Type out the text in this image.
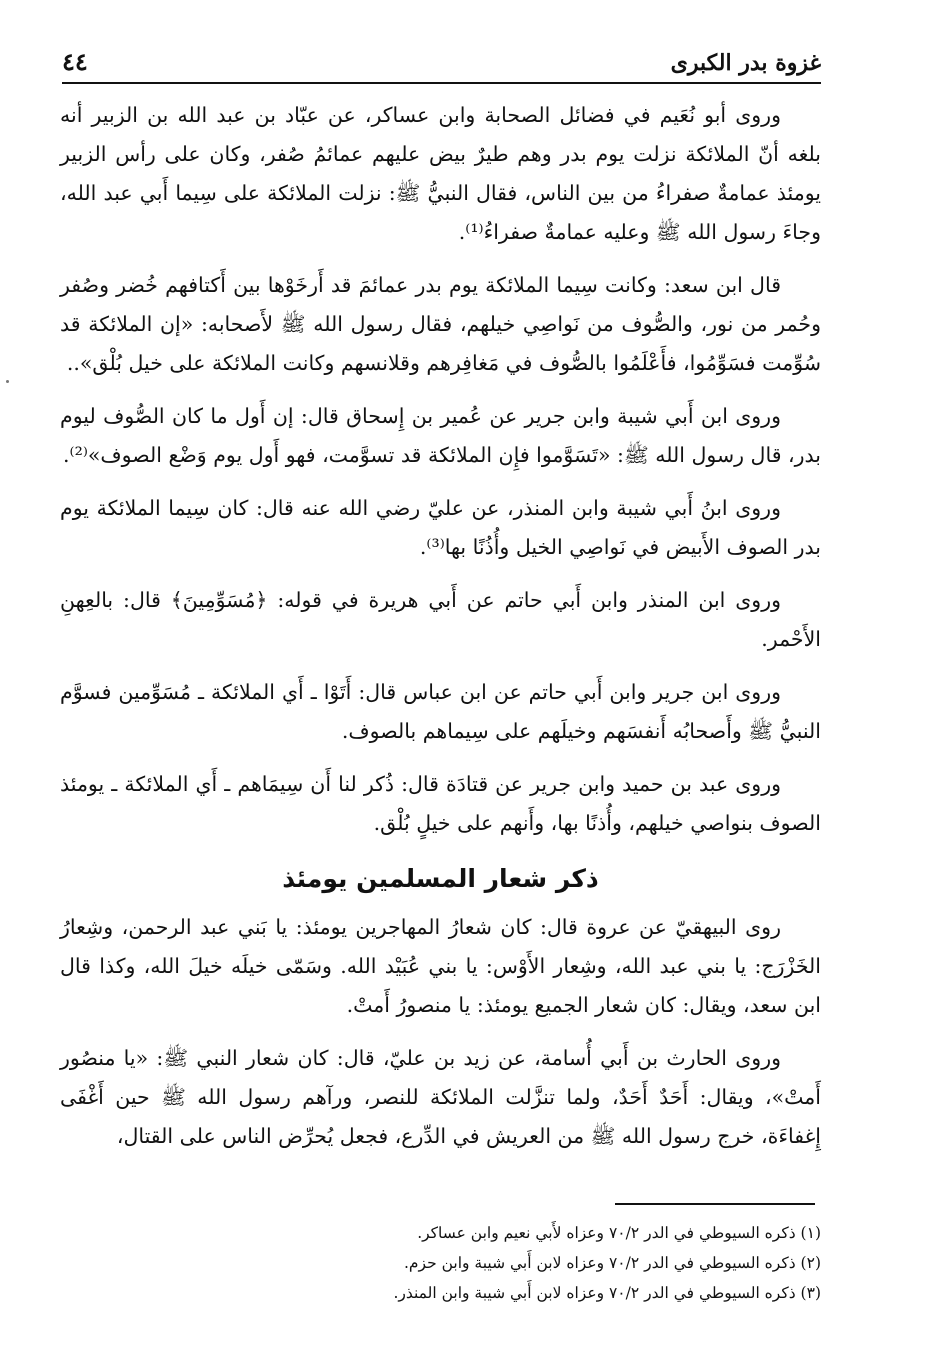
غزوة بدر الكبرى
٤٤

وروى أبو نُعَيم في فضائل الصحابة وابن عساكر، عن عبّاد بن عبد الله بن الزبير أنه بلغه أنّ الملائكة نزلت يوم بدر وهم طيرٌ بيض عليهم عمائمُ صُفر، وكان على رأس الزبير يومئذ عمامةٌ صفراءُ من بين الناس، فقال النبيُّ ﷺ: نزلت الملائكة على سِيما أَبي عبد الله، وجاءَ رسول الله ﷺ وعليه عمامةٌ صفراءُ⁽¹⁾.

قال ابن سعد: وكانت سِيما الملائكة يوم بدر عمائمَ قد أَرخَوْها بين أَكتافهم خُضر وصُفر وحُمر من نور، والصُّوف من نَواصِي خيلهم، فقال رسول الله ﷺ لأَصحابه: «إن الملائكة قد سُوِّمت فسَوِّمُوا، فأَعْلَمُوا بالصُّوف في مَغافِرهم وقلانسهم وكانت الملائكة على خيل بُلْق»..

وروى ابن أَبي شيبة وابن جرير عن عُمير بن إِسحاق قال: إن أَول ما كان الصُّوف ليوم بدر، قال رسول الله ﷺ: «تَسَوَّموا فإِن الملائكة قد تسوَّمت، فهو أَول يوم وَضْع الصوف»⁽²⁾.

وروى ابنُ أَبي شيبة وابن المنذر، عن عليّ رضي الله عنه قال: كان سِيما الملائكة يوم بدر الصوف الأَبيض في نَواصِي الخيل وأُذُنًا بها⁽³⁾.

وروى ابن المنذر وابن أَبي حاتم عن أَبي هريرة في قوله: ﴿مُسَوِّمِينَ﴾ قال: بالعِهنِ الأَحْمر.

وروى ابن جرير وابن أَبي حاتم عن ابن عباس قال: أَتَوْا ـ أَي الملائكة ـ مُسَوِّمين فسوَّم النبيُّ ﷺ وأَصحابُه أَنفسَهم وخيلَهم على سِيماهم بالصوف.

وروى عبد بن حميد وابن جرير عن قتادَة قال: ذُكر لنا أَن سِيمَاهم ـ أَي الملائكة ـ يومئذ الصوف بنواصي خيلهم، وأُذنًا بها، وأَنهم على خيلٍ بُلْق.

ذكر شعار المسلمين يومئذ

روى البيهقيّ عن عروة قال: كان شعارُ المهاجرين يومئذ: يا بَني عبد الرحمن، وشِعارُ الخَزْرَج: يا بني عبد الله، وشِعار الأَوْس: يا بني عُبَيْد الله. وسَمّى خيلَه خيلَ الله، وكذا قال ابن سعد، ويقال: كان شعار الجميع يومئذ: يا منصورُ أَمتْ.

وروى الحارث بن أَبي أُسامة، عن زيد بن عليّ، قال: كان شعار النبي ﷺ: «يا منصُور أَمتْ»، ويقال: أَحَدٌ أَحَدٌ، ولما تنزَّلت الملائكة للنصر، ورآهم رسول الله ﷺ حين أَغْفَى إِغفاءَة، خرج رسول الله ﷺ من العريش في الدِّرع، فجعل يُحرِّض الناس على القتال،

(١) ذكره السيوطي في الدر ٧٠/٢ وعزاه لأَبي نعيم وابن عساكر.
(٢) ذكره السيوطي في الدر ٧٠/٢ وعزاه لابن أَبي شيبة وابن حزم.
(٣) ذكره السيوطي في الدر ٧٠/٢ وعزاه لابن أَبي شيبة وابن المنذر.
